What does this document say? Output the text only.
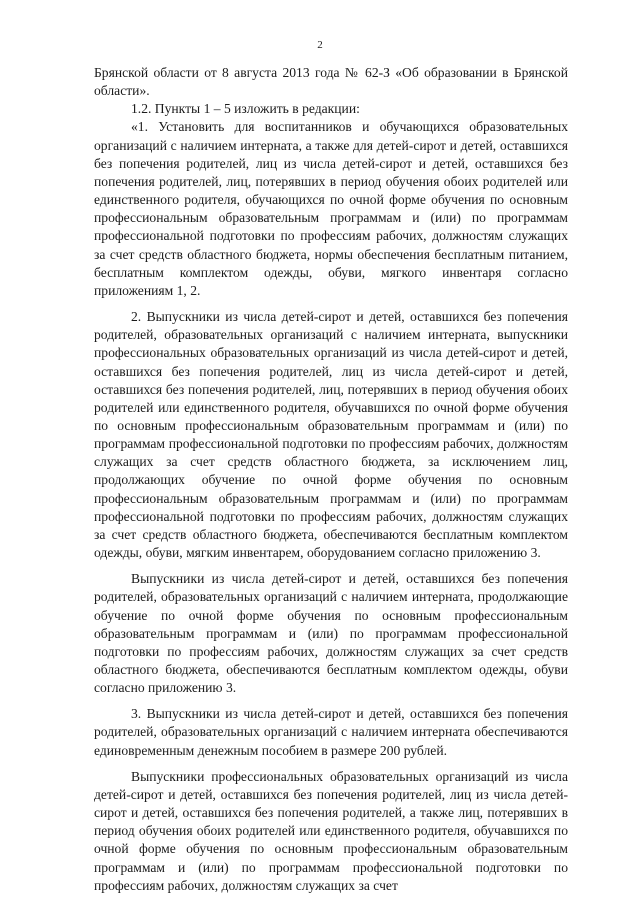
2

Брянской области от 8 августа 2013 года № 62-З «Об образовании в Брянской области».

1.2. Пункты 1 – 5 изложить в редакции:

«1. Установить для воспитанников и обучающихся образовательных организаций с наличием интерната, а также для детей-сирот и детей, оставшихся без попечения родителей, лиц из числа детей-сирот и детей, оставшихся без попечения родителей, лиц, потерявших в период обучения обоих родителей или единственного родителя, обучающихся по очной форме обучения по основным профессиональным образовательным программам и (или) по программам профессиональной подготовки по профессиям рабочих, должностям служащих за счет средств областного бюджета, нормы обеспечения бесплатным питанием, бесплатным комплектом одежды, обуви, мягкого инвентаря согласно приложениям 1, 2.

2. Выпускники из числа детей-сирот и детей, оставшихся без попечения родителей, образовательных организаций с наличием интерната, выпускники профессиональных образовательных организаций из числа детей-сирот и детей, оставшихся без попечения родителей, лиц из числа детей-сирот и детей, оставшихся без попечения родителей, лиц, потерявших в период обучения обоих родителей или единственного родителя, обучавшихся по очной форме обучения по основным профессиональным образовательным программам и (или) по программам профессиональной подготовки по профессиям рабочих, должностям служащих за счет средств областного бюджета, за исключением лиц, продолжающих обучение по очной форме обучения по основным профессиональным образовательным программам и (или) по программам профессиональной подготовки по профессиям рабочих, должностям служащих за счет средств областного бюджета, обеспечиваются бесплатным комплектом одежды, обуви, мягким инвентарем, оборудованием согласно приложению 3.

Выпускники из числа детей-сирот и детей, оставшихся без попечения родителей, образовательных организаций с наличием интерната, продолжающие обучение по очной форме обучения по основным профессиональным образовательным программам и (или) по программам профессиональной подготовки по профессиям рабочих, должностям служащих за счет средств областного бюджета, обеспечиваются бесплатным комплектом одежды, обуви согласно приложению 3.

3. Выпускники из числа детей-сирот и детей, оставшихся без попечения родителей, образовательных организаций с наличием интерната обеспечиваются единовременным денежным пособием в размере 200 рублей.

Выпускники профессиональных образовательных организаций из числа детей-сирот и детей, оставшихся без попечения родителей, лиц из числа детей-сирот и детей, оставшихся без попечения родителей, а также лиц, потерявших в период обучения обоих родителей или единственного родителя, обучавшихся по очной форме обучения по основным профессиональным образовательным программам и (или) по программам профессиональной подготовки по профессиям рабочих, должностям служащих за счет
